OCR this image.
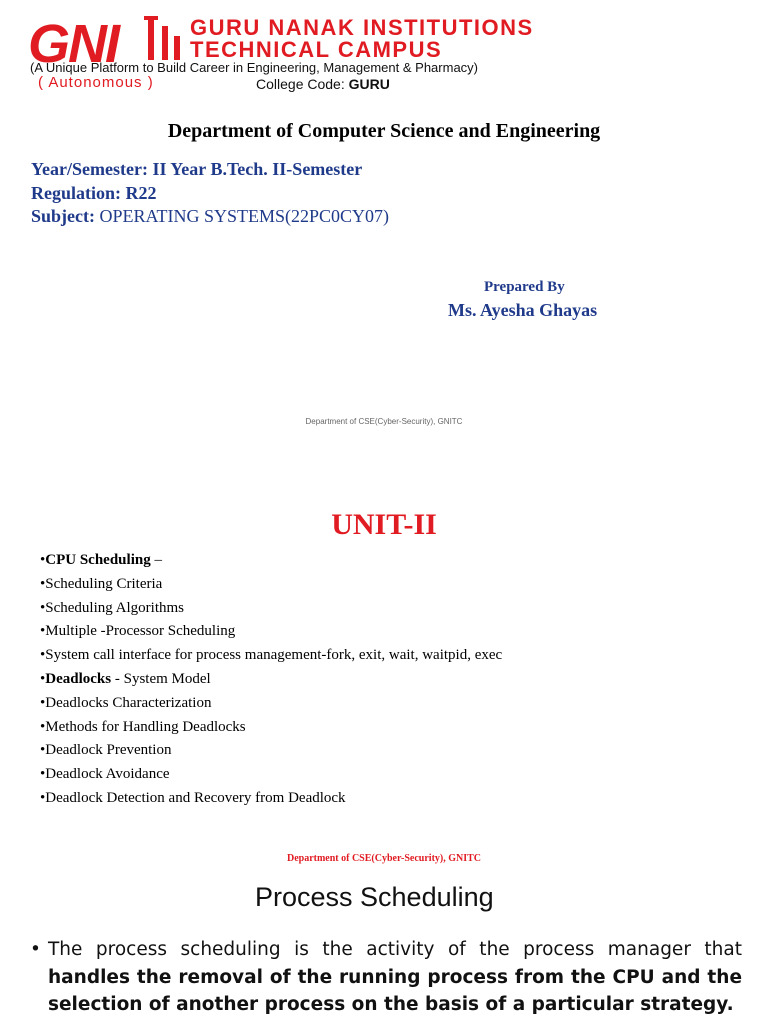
GNI	GURU NANAK INSTITUTIONS
TECHNICAL CAMPUS
(A Unique Platform to Build Career in Engineering, Management & Pharmacy)
( Autonomous )	College Code: GURU
Department of Computer Science and Engineering
Year/Semester: II Year B.Tech. II-Semester
Regulation: R22
Subject: OPERATING SYSTEMS(22PC0CY07)
Prepared By
Ms. Ayesha Ghayas
Department of CSE(Cyber-Security), GNITC
UNIT-II
•CPU Scheduling –
•Scheduling Criteria
•Scheduling Algorithms
•Multiple -Processor Scheduling
•System call interface for process management-fork, exit, wait, waitpid, exec
•Deadlocks - System Model
•Deadlocks Characterization
•Methods for Handling Deadlocks
•Deadlock Prevention
•Deadlock Avoidance
•Deadlock Detection and Recovery from Deadlock
Department of CSE(Cyber-Security), GNITC
Process Scheduling
• The process scheduling is the activity of the process manager that handles the removal of the running process from the CPU and the selection of another process on the basis of a particular strategy.
